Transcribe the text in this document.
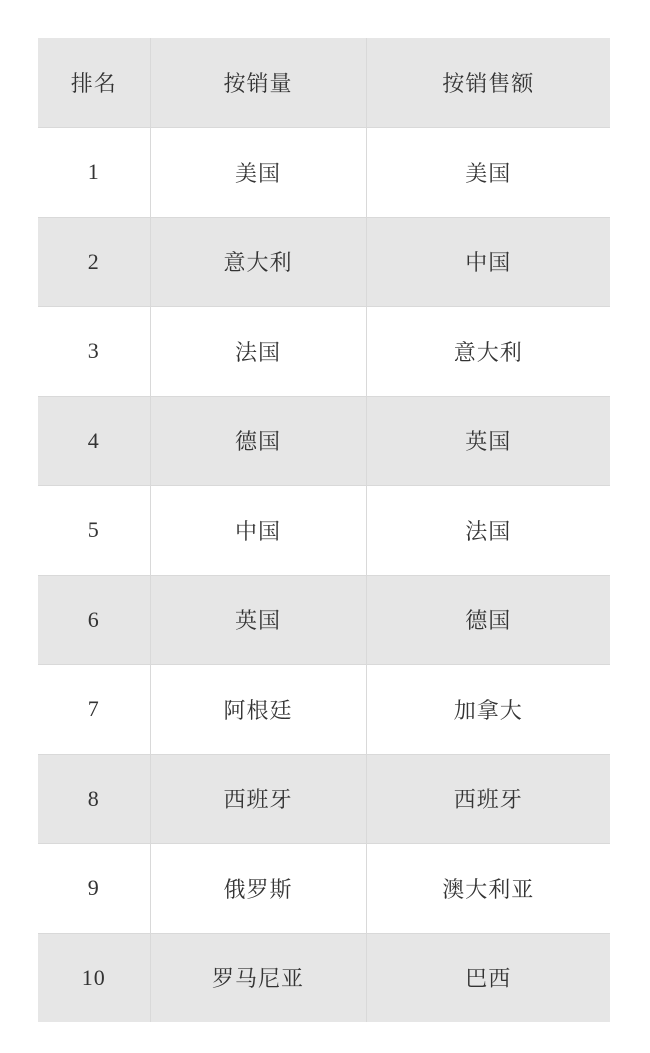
排名	按销量	按销售额
1	美国	美国
2	意大利	中国
3	法国	意大利
4	德国	英国
5	中国	法国
6	英国	德国
7	阿根廷	加拿大
8	西班牙	西班牙
9	俄罗斯	澳大利亚
10	罗马尼亚	巴西
